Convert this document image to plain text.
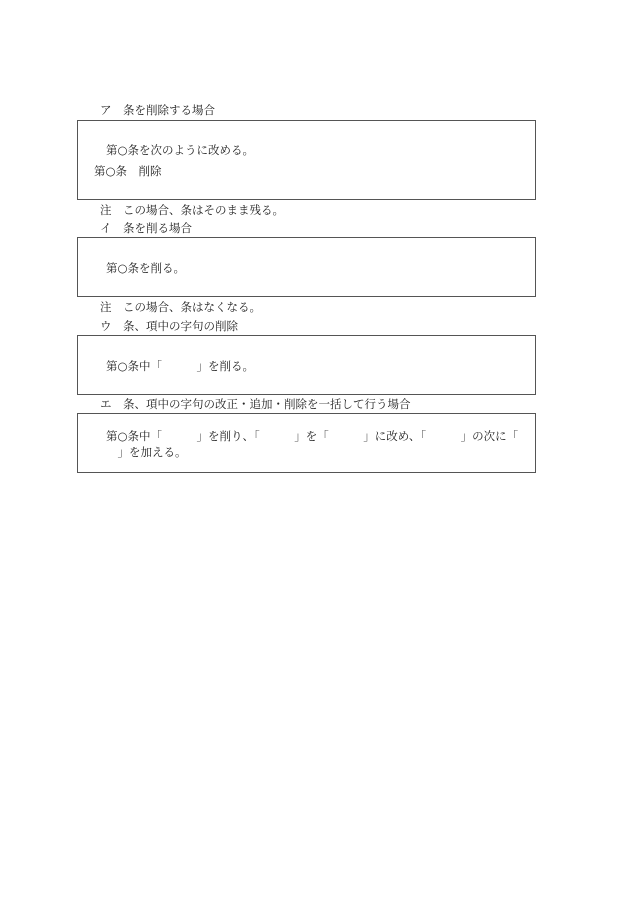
ア　条を削除する場合
第○条を次のように改める。
第○条　削除
注　この場合、条はそのまま残る。
イ　条を削る場合
第○条を削る。
注　この場合、条はなくなる。
ウ　条、項中の字句の削除
第○条中「　　　」を削る。
エ　条、項中の字句の改正・追加・削除を一括して行う場合
第○条中「　　　」を削り、「　　　」を「　　　」に改め、「　　　」の次に「
　」を加える。
